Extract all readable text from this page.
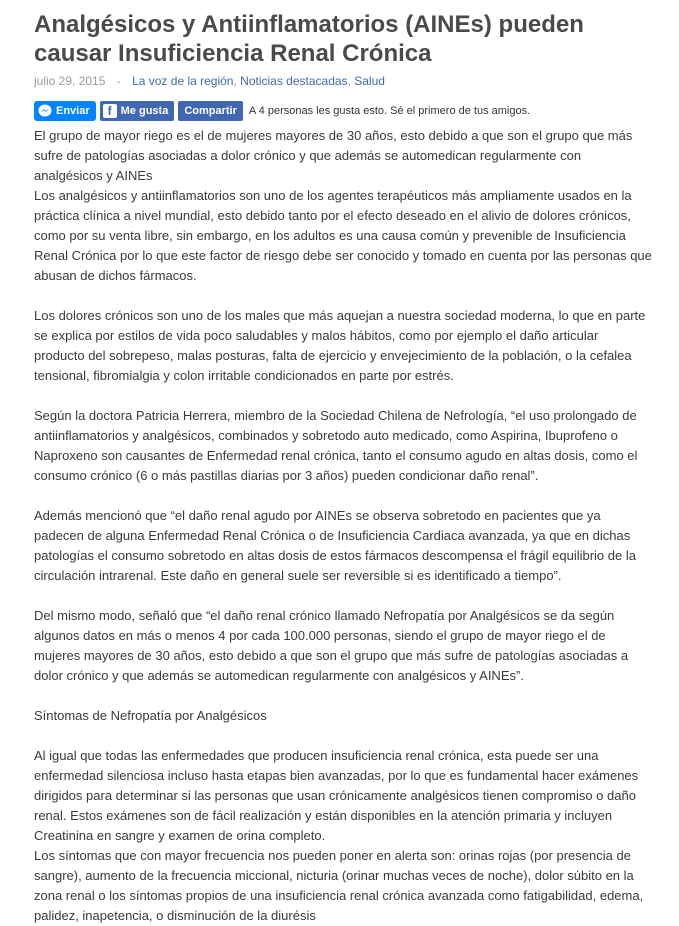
Analgésicos y Antiinflamatorios (AINEs) pueden causar Insuficiencia Renal Crónica
julio 29, 2015 - La voz de la región, Noticias destacadas, Salud
Enviar	f Me gusta Compartir A 4 personas les gusta esto. Sé el primero de tus amigos.

El grupo de mayor riego es el de mujeres mayores de 30 años, esto debido a que son el grupo que más sufre de patologías asociadas a dolor crónico y que además se automedican regularmente con analgésicos y AINEs

Los analgésicos y antiinflamatorios son uno de los agentes terapéuticos más ampliamente usados en la práctica clínica a nivel mundial, esto debido tanto por el efecto deseado en el alivio de dolores crónicos, como por su venta libre, sin embargo, en los adultos es una causa común y prevenible de Insuficiencia Renal Crónica por lo que este factor de riesgo debe ser conocido y tomado en cuenta por las personas que abusan de dichos fármacos.

Los dolores crónicos son uno de los males que más aquejan a nuestra sociedad moderna, lo que en parte se explica por estilos de vida poco saludables y malos hábitos, como por ejemplo el daño articular producto del sobrepeso, malas posturas, falta de ejercicio y envejecimiento de la población, o la cefalea tensional, fibromialgia y colon irritable condicionados en parte por estrés.

Según la doctora Patricia Herrera, miembro de la Sociedad Chilena de Nefrología, “el uso prolongado de antiinflamatorios y analgésicos, combinados y sobretodo auto medicado, como Aspirina, Ibuprofeno o Naproxeno son causantes de Enfermedad renal crónica, tanto el consumo agudo en altas dosis, como el consumo crónico (6 o más pastillas diarias por 3 años) pueden condicionar daño renal”.

Además mencionó que “el daño renal agudo por AINEs se observa sobretodo en pacientes que ya padecen de alguna Enfermedad Renal Crónica o de Insuficiencia Cardiaca avanzada, ya que en dichas patologías el consumo sobretodo en altas dosis de estos fármacos descompensa el frágil equilibrio de la circulación intrarenal. Este daño en general suele ser reversible si es identificado a tiempo”.

Del mismo modo, señaló que “el daño renal crónico llamado Nefropatía por Analgésicos se da según algunos datos en más o menos 4 por cada 100.000 personas, siendo el grupo de mayor riego el de mujeres mayores de 30 años, esto debido a que son el grupo que más sufre de patologías asociadas a dolor crónico y que además se automedican regularmente con analgésicos y AINEs”.

Síntomas de Nefropatía por Analgésicos

Al igual que todas las enfermedades que producen insuficiencia renal crónica, esta puede ser una enfermedad silenciosa incluso hasta etapas bien avanzadas, por lo que es fundamental hacer exámenes dirigidos para determinar si las personas que usan crónicamente analgésicos tienen compromiso o daño renal. Estos exámenes son de fácil realización y están disponibles en la atención primaria y incluyen Creatinina en sangre y examen de orina completo.

Los síntomas que con mayor frecuencia nos pueden poner en alerta son: orinas rojas (por presencia de sangre), aumento de la frecuencia miccional, nicturia (orinar muchas veces de noche), dolor súbito en la zona renal o los síntomas propios de una insuficiencia renal crónica avanzada como fatigabilidad, edema, palidez, inapetencia, o disminución de la diurésis
